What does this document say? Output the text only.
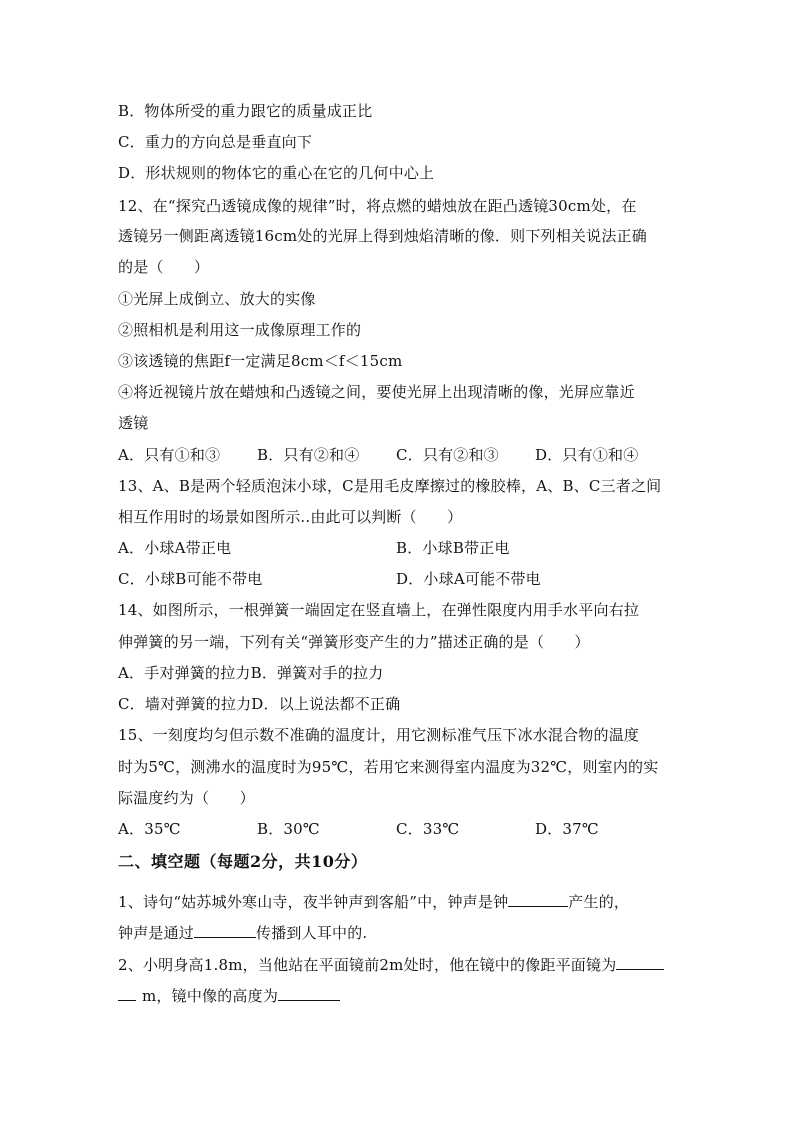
B．物体所受的重力跟它的质量成正比
C．重力的方向总是垂直向下
D．形状规则的物体它的重心在它的几何中心上
12、在“探究凸透镜成像的规律”时，将点燃的蜡烛放在距凸透镜30cm处，在
透镜另一侧距离透镜16cm处的光屏上得到烛焰清晰的像．则下列相关说法正确
的是（　　）
①光屏上成倒立、放大的实像
②照相机是利用这一成像原理工作的
③该透镜的焦距f一定满足8cm＜f＜15cm
④将近视镜片放在蜡烛和凸透镜之间，要使光屏上出现清晰的像，光屏应靠近
透镜
A．只有①和③ B．只有②和④ C．只有②和③ D．只有①和④
13、A、B是两个轻质泡沫小球，C是用毛皮摩擦过的橡胶棒，A、B、C三者之间
相互作用时的场景如图所示..由此可以判断（　　）
A．小球A带正电	B．小球B带正电
C．小球B可能不带电	D．小球A可能不带电
14、如图所示，一根弹簧一端固定在竖直墙上，在弹性限度内用手水平向右拉
伸弹簧的另一端，下列有关“弹簧形变产生的力”描述正确的是（　　）
A．手对弹簧的拉力B．弹簧对手的拉力
C．墙对弹簧的拉力D．以上说法都不正确
15、一刻度均匀但示数不准确的温度计，用它测标准气压下冰水混合物的温度
时为5℃，测沸水的温度时为95℃，若用它来测得室内温度为32℃，则室内的实
际温度约为（　　）
A．35℃	B．30℃	C．33℃	D．37℃
二、填空题（每题2分，共10分）
1、诗句“姑苏城外寒山寺，夜半钟声到客船”中，钟声是钟	产生的，
钟声是通过	传播到人耳中的.
2、小明身高1.8m，当他站在平面镜前2m处时，他在镜中的像距平面镜为
m，镜中像的高度为
